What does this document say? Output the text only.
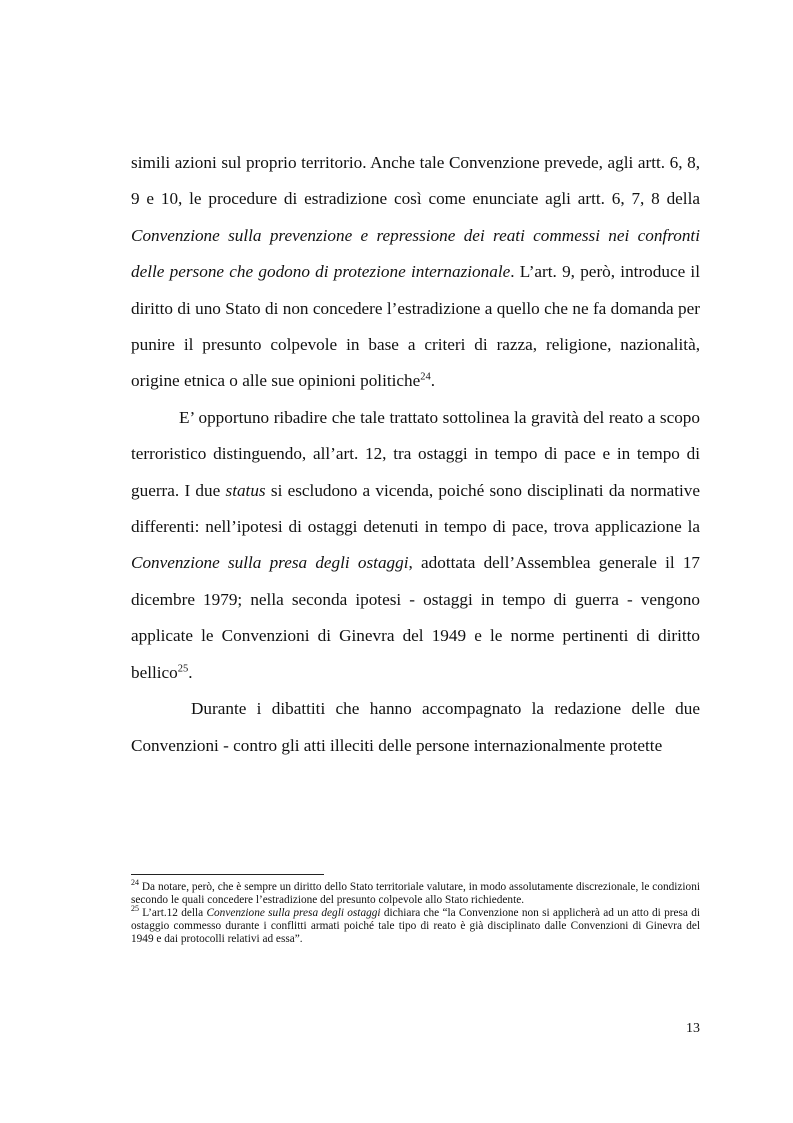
simili azioni sul proprio territorio. Anche tale Convenzione prevede, agli artt. 6, 8, 9 e 10, le procedure di estradizione così come enunciate agli artt. 6, 7, 8 della Convenzione sulla prevenzione e repressione dei reati commessi nei confronti delle persone che godono di protezione internazionale. L’art. 9, però, introduce il diritto di uno Stato di non concedere l’estradizione a quello che ne fa domanda per punire il presunto colpevole in base a criteri di razza, religione, nazionalità, origine etnica o alle sue opinioni politiche$^{24}$.

E’ opportuno ribadire che tale trattato sottolinea la gravità del reato a scopo terroristico distinguendo, all’art. 12, tra ostaggi in tempo di pace e in tempo di guerra. I due status si escludono a vicenda, poiché sono disciplinati da normative differenti: nell’ipotesi di ostaggi detenuti in tempo di pace, trova applicazione la Convenzione sulla presa degli ostaggi, adottata dell’Assemblea generale il 17 dicembre 1979; nella seconda ipotesi - ostaggi in tempo di guerra - vengono applicate le Convenzioni di Ginevra del 1949 e le norme pertinenti di diritto bellico$^{25}$.

Durante i dibattiti che hanno accompagnato la redazione delle due Convenzioni - contro gli atti illeciti delle persone internazionalmente protette

$^{24}$ Da notare, però, che è sempre un diritto dello Stato territoriale valutare, in modo assolutamente discrezionale, le condizioni secondo le quali concedere l’estradizione del presunto colpevole allo Stato richiedente.

$^{25}$ L’art.12 della Convenzione sulla presa degli ostaggi dichiara che “la Convenzione non si applicherà ad un atto di presa di ostaggio commesso durante i conflitti armati poiché tale tipo di reato è già disciplinato dalle Convenzioni di Ginevra del 1949 e dai protocolli relativi ad essa”.

13
